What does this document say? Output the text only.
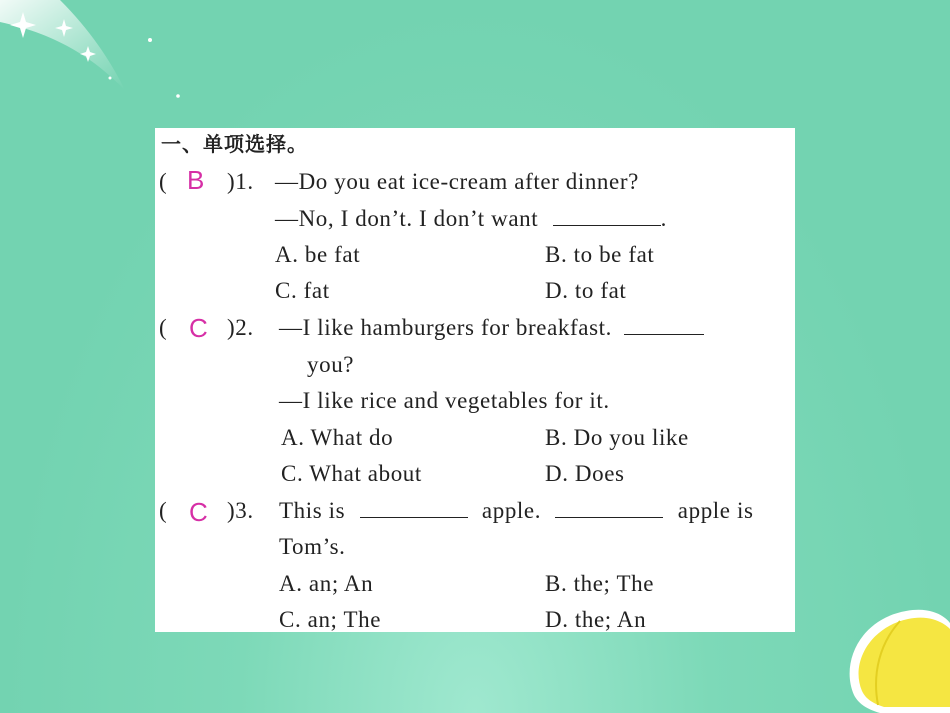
一、单项选择。
( B )1. —Do you eat ice-cream after dinner?
—No, I don’t. I don’t want	.
A. be fat	B. to be fat
C. fat	D. to fat
( C )2. —I like hamburgers for breakfast.
you?
—I like rice and vegetables for it.
A. What do	B. Do you like
C. What about	D. Does
( C )3. This is	apple.	apple is
Tom’s.
A. an; An	B. the; The
C. an; The	D. the; An
